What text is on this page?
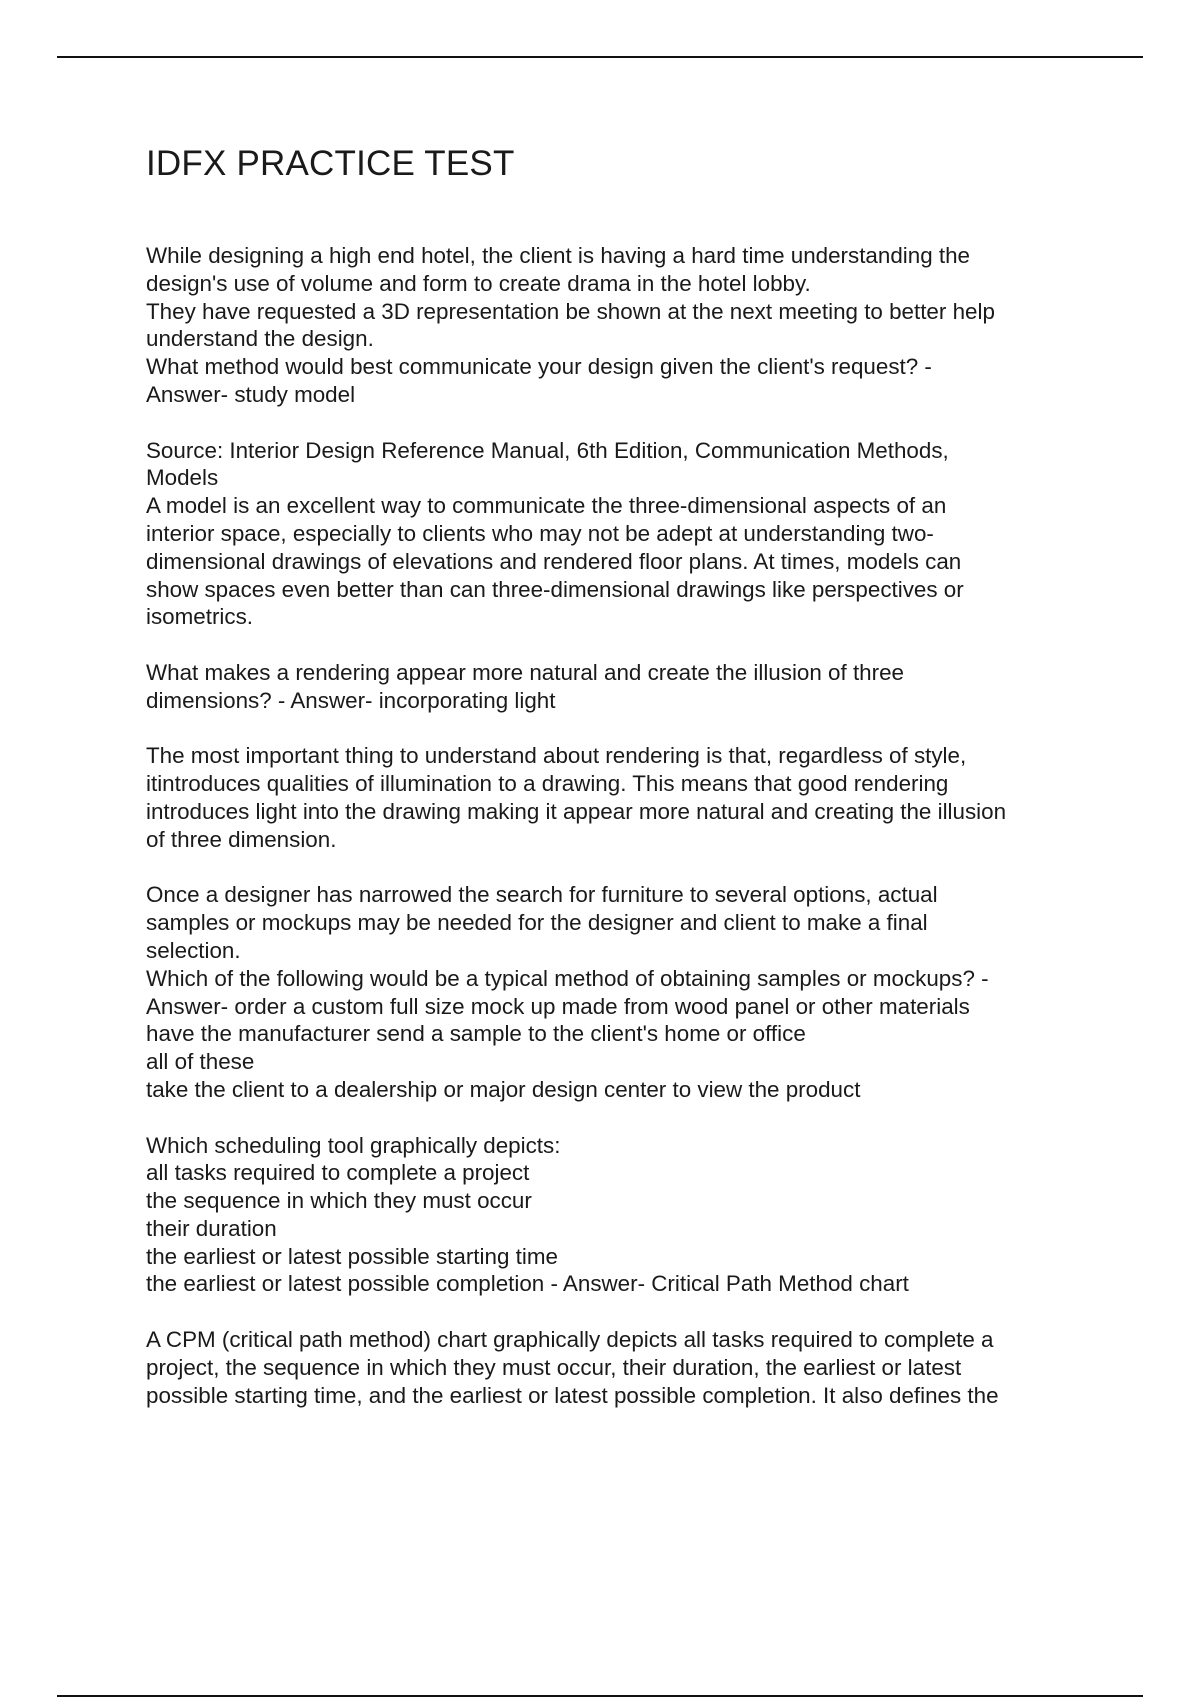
IDFX PRACTICE TEST
While designing a high end hotel, the client is having a hard time understanding the
design's use of volume and form to create drama in the hotel lobby.
They have requested a 3D representation be shown at the next meeting to better help
understand the design.
What method would best communicate your design given the client's request? -
Answer- study model
Source: Interior Design Reference Manual, 6th Edition, Communication Methods,
Models
A model is an excellent way to communicate the three-dimensional aspects of an
interior space, especially to clients who may not be adept at understanding two-
dimensional drawings of elevations and rendered floor plans. At times, models can
show spaces even better than can three-dimensional drawings like perspectives or
isometrics.
What makes a rendering appear more natural and create the illusion of three
dimensions? - Answer- incorporating light
The most important thing to understand about rendering is that, regardless of style,
itintroduces qualities of illumination to a drawing. This means that good rendering
introduces light into the drawing making it appear more natural and creating the illusion
of three dimension.
Once a designer has narrowed the search for furniture to several options, actual
samples or mockups may be needed for the designer and client to make a final
selection.
Which of the following would be a typical method of obtaining samples or mockups? -
Answer- order a custom full size mock up made from wood panel or other materials
have the manufacturer send a sample to the client's home or office
all of these
take the client to a dealership or major design center to view the product
Which scheduling tool graphically depicts:
all tasks required to complete a project
the sequence in which they must occur
their duration
the earliest or latest possible starting time
the earliest or latest possible completion - Answer- Critical Path Method chart
A CPM (critical path method) chart graphically depicts all tasks required to complete a
project, the sequence in which they must occur, their duration, the earliest or latest
possible starting time, and the earliest or latest possible completion. It also defines the
